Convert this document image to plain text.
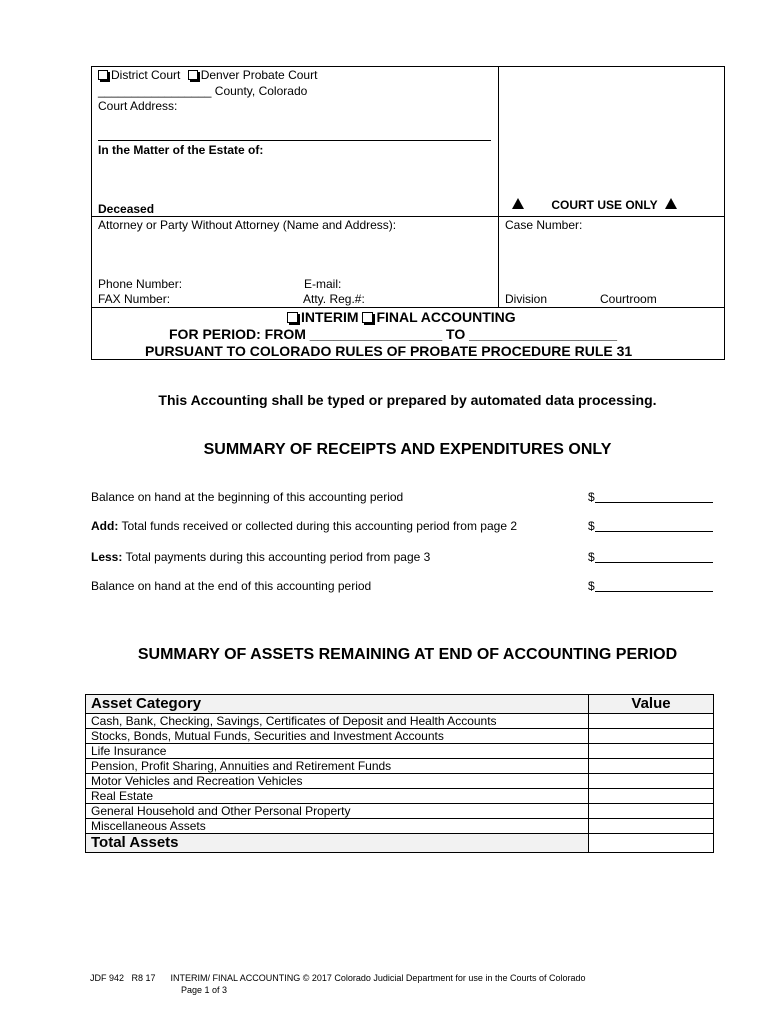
District Court Denver Probate Court
_________________ County, Colorado
Court Address:
In the Matter of the Estate of:
Deceased	COURT USE ONLY
Attorney or Party Without Attorney (Name and Address):	Case Number:
Phone Number:	E-mail:
FAX Number:	Atty. Reg.#:	Division	Courtroom
INTERIM FINAL ACCOUNTING
FOR PERIOD: FROM _________________ TO ___________________
PURSUANT TO COLORADO RULES OF PROBATE PROCEDURE RULE 31
This Accounting shall be typed or prepared by automated data processing.
SUMMARY OF RECEIPTS AND EXPENDITURES ONLY
Balance on hand at the beginning of this accounting period	$
Add: Total funds received or collected during this accounting period from page 2	$
Less: Total payments during this accounting period from page 3	$
Balance on hand at the end of this accounting period	$
SUMMARY OF ASSETS REMAINING AT END OF ACCOUNTING PERIOD
Asset Category	Value
Cash, Bank, Checking, Savings, Certificates of Deposit and Health Accounts	
Stocks, Bonds, Mutual Funds, Securities and Investment Accounts	
Life Insurance	
Pension, Profit Sharing, Annuities and Retirement Funds	
Motor Vehicles and Recreation Vehicles	
Real Estate	
General Household and Other Personal Property	
Miscellaneous Assets	
Total Assets	
JDF 942   R8 17      INTERIM/ FINAL ACCOUNTING © 2017 Colorado Judicial Department for use in the Courts of Colorado
Page 1 of 3
